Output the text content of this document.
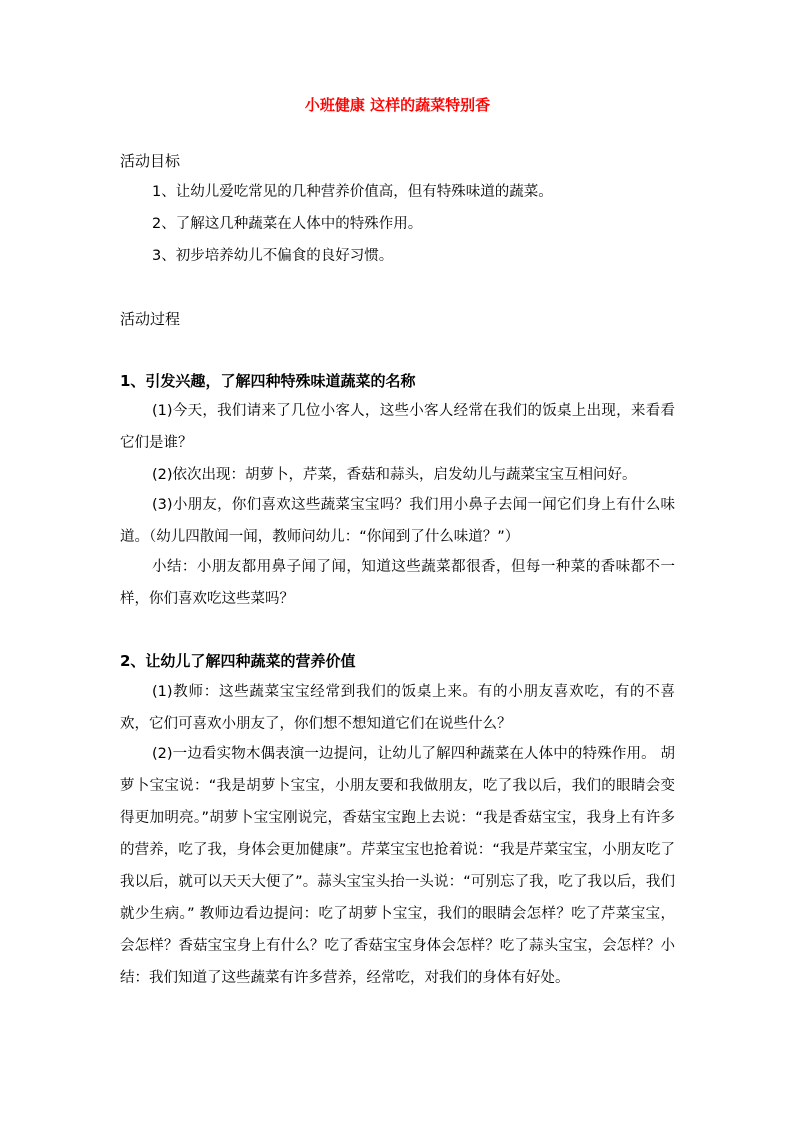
小班健康 这样的蔬菜特别香

活动目标

1、让幼儿爱吃常见的几种营养价值高，但有特殊味道的蔬菜。

2、了解这几种蔬菜在人体中的特殊作用。

3、初步培养幼儿不偏食的良好习惯。

活动过程

1、引发兴趣，了解四种特殊味道蔬菜的名称

(1)今天，我们请来了几位小客人，这些小客人经常在我们的饭桌上出现，来看看它们是谁？

(2)依次出现：胡萝卜，芹菜，香菇和蒜头，启发幼儿与蔬菜宝宝互相问好。

(3)小朋友，你们喜欢这些蔬菜宝宝吗？我们用小鼻子去闻一闻它们身上有什么味道。（幼儿四散闻一闻，教师问幼儿：“你闻到了什么味道？”）

小结：小朋友都用鼻子闻了闻，知道这些蔬菜都很香，但每一种菜的香味都不一样，你们喜欢吃这些菜吗？

2、让幼儿了解四种蔬菜的营养价值

(1)教师：这些蔬菜宝宝经常到我们的饭桌上来。有的小朋友喜欢吃，有的不喜欢，它们可喜欢小朋友了，你们想不想知道它们在说些什么？

(2)一边看实物木偶表演一边提问，让幼儿了解四种蔬菜在人体中的特殊作用。 胡萝卜宝宝说：“我是胡萝卜宝宝，小朋友要和我做朋友，吃了我以后，我们的眼睛会变得更加明亮。”胡萝卜宝宝刚说完，香菇宝宝跑上去说：“我是香菇宝宝，我身上有许多的营养，吃了我，身体会更加健康”。芹菜宝宝也抢着说：“我是芹菜宝宝，小朋友吃了我以后，就可以天天大便了”。蒜头宝宝头抬一头说：“可别忘了我，吃了我以后，我们就少生病。” 教师边看边提问：吃了胡萝卜宝宝，我们的眼睛会怎样？吃了芹菜宝宝，会怎样？香菇宝宝身上有什么？吃了香菇宝宝身体会怎样？吃了蒜头宝宝，会怎样？小结：我们知道了这些蔬菜有许多营养，经常吃，对我们的身体有好处。
